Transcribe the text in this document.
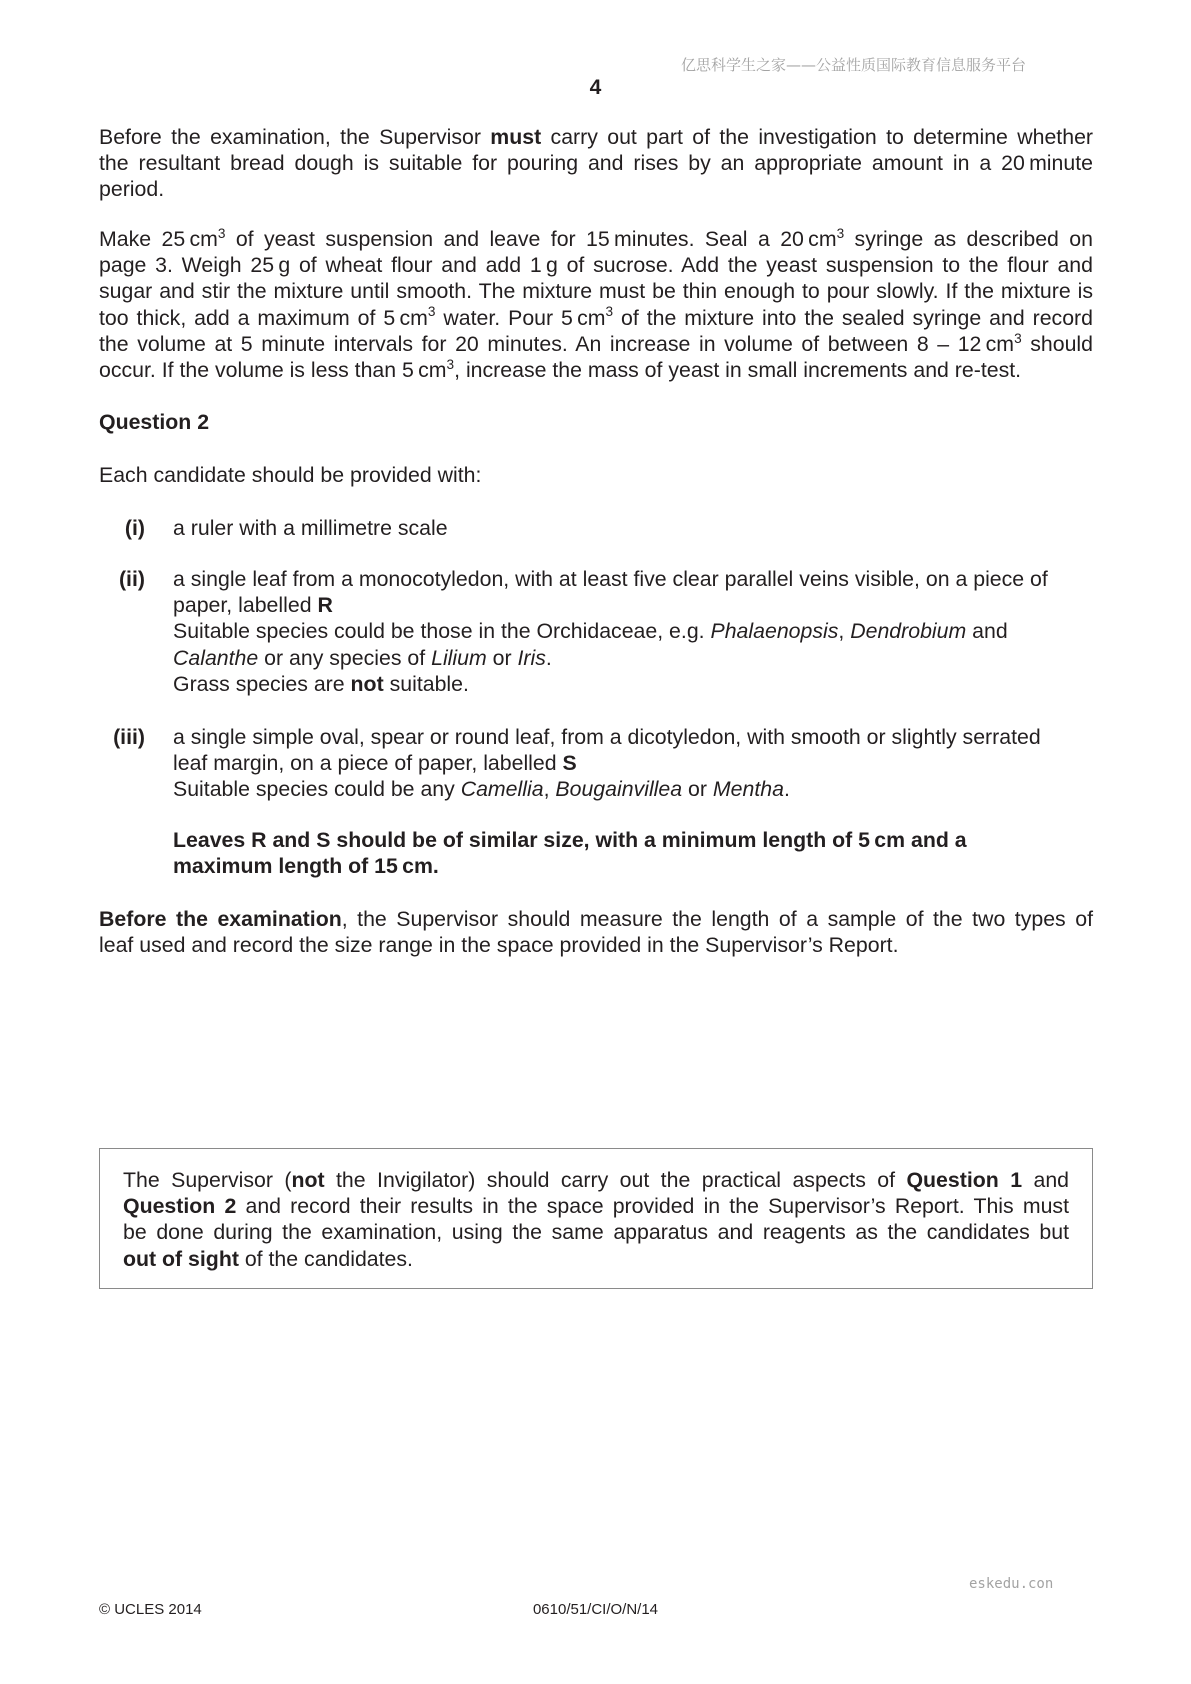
亿思科学生之家——公益性质国际教育信息服务平台
4
Before the examination, the Supervisor must carry out part of the investigation to determine whether
the resultant bread dough is suitable for pouring and rises by an appropriate amount in a 20 minute
period.
Make 25 $cm^3$ of yeast suspension and leave for 15 minutes. Seal a 20 $cm^3$ syringe as described on
page 3. Weigh 25 g of wheat flour and add 1 g of sucrose. Add the yeast suspension to the flour and
sugar and stir the mixture until smooth. The mixture must be thin enough to pour slowly. If the mixture is
too thick, add a maximum of 5 $cm^3$ water. Pour 5 $cm^3$ of the mixture into the sealed syringe and record
the volume at 5 minute intervals for 20 minutes. An increase in volume of between 8 – 12 $cm^3$ should
occur. If the volume is less than 5 $cm^3$, increase the mass of yeast in small increments and re-test.
Question 2
Each candidate should be provided with:
(i) a ruler with a millimetre scale
(ii) a single leaf from a monocotyledon, with at least five clear parallel veins visible, on a piece of
paper, labelled R
Suitable species could be those in the Orchidaceae, e.g. Phalaenopsis, Dendrobium and
Calanthe or any species of Lilium or Iris.
Grass species are not suitable.
(iii) a single simple oval, spear or round leaf, from a dicotyledon, with smooth or slightly serrated
leaf margin, on a piece of paper, labelled S
Suitable species could be any Camellia, Bougainvillea or Mentha.
Leaves R and S should be of similar size, with a minimum length of 5 cm and a
maximum length of 15 cm.
Before the examination, the Supervisor should measure the length of a sample of the two types of
leaf used and record the size range in the space provided in the Supervisor’s Report.
The Supervisor (not the Invigilator) should carry out the practical aspects of Question 1 and
Question 2 and record their results in the space provided in the Supervisor’s Report. This must
be done during the examination, using the same apparatus and reagents as the candidates but
out of sight of the candidates.
eskedu.con
© UCLES 2014	0610/51/CI/O/N/14
